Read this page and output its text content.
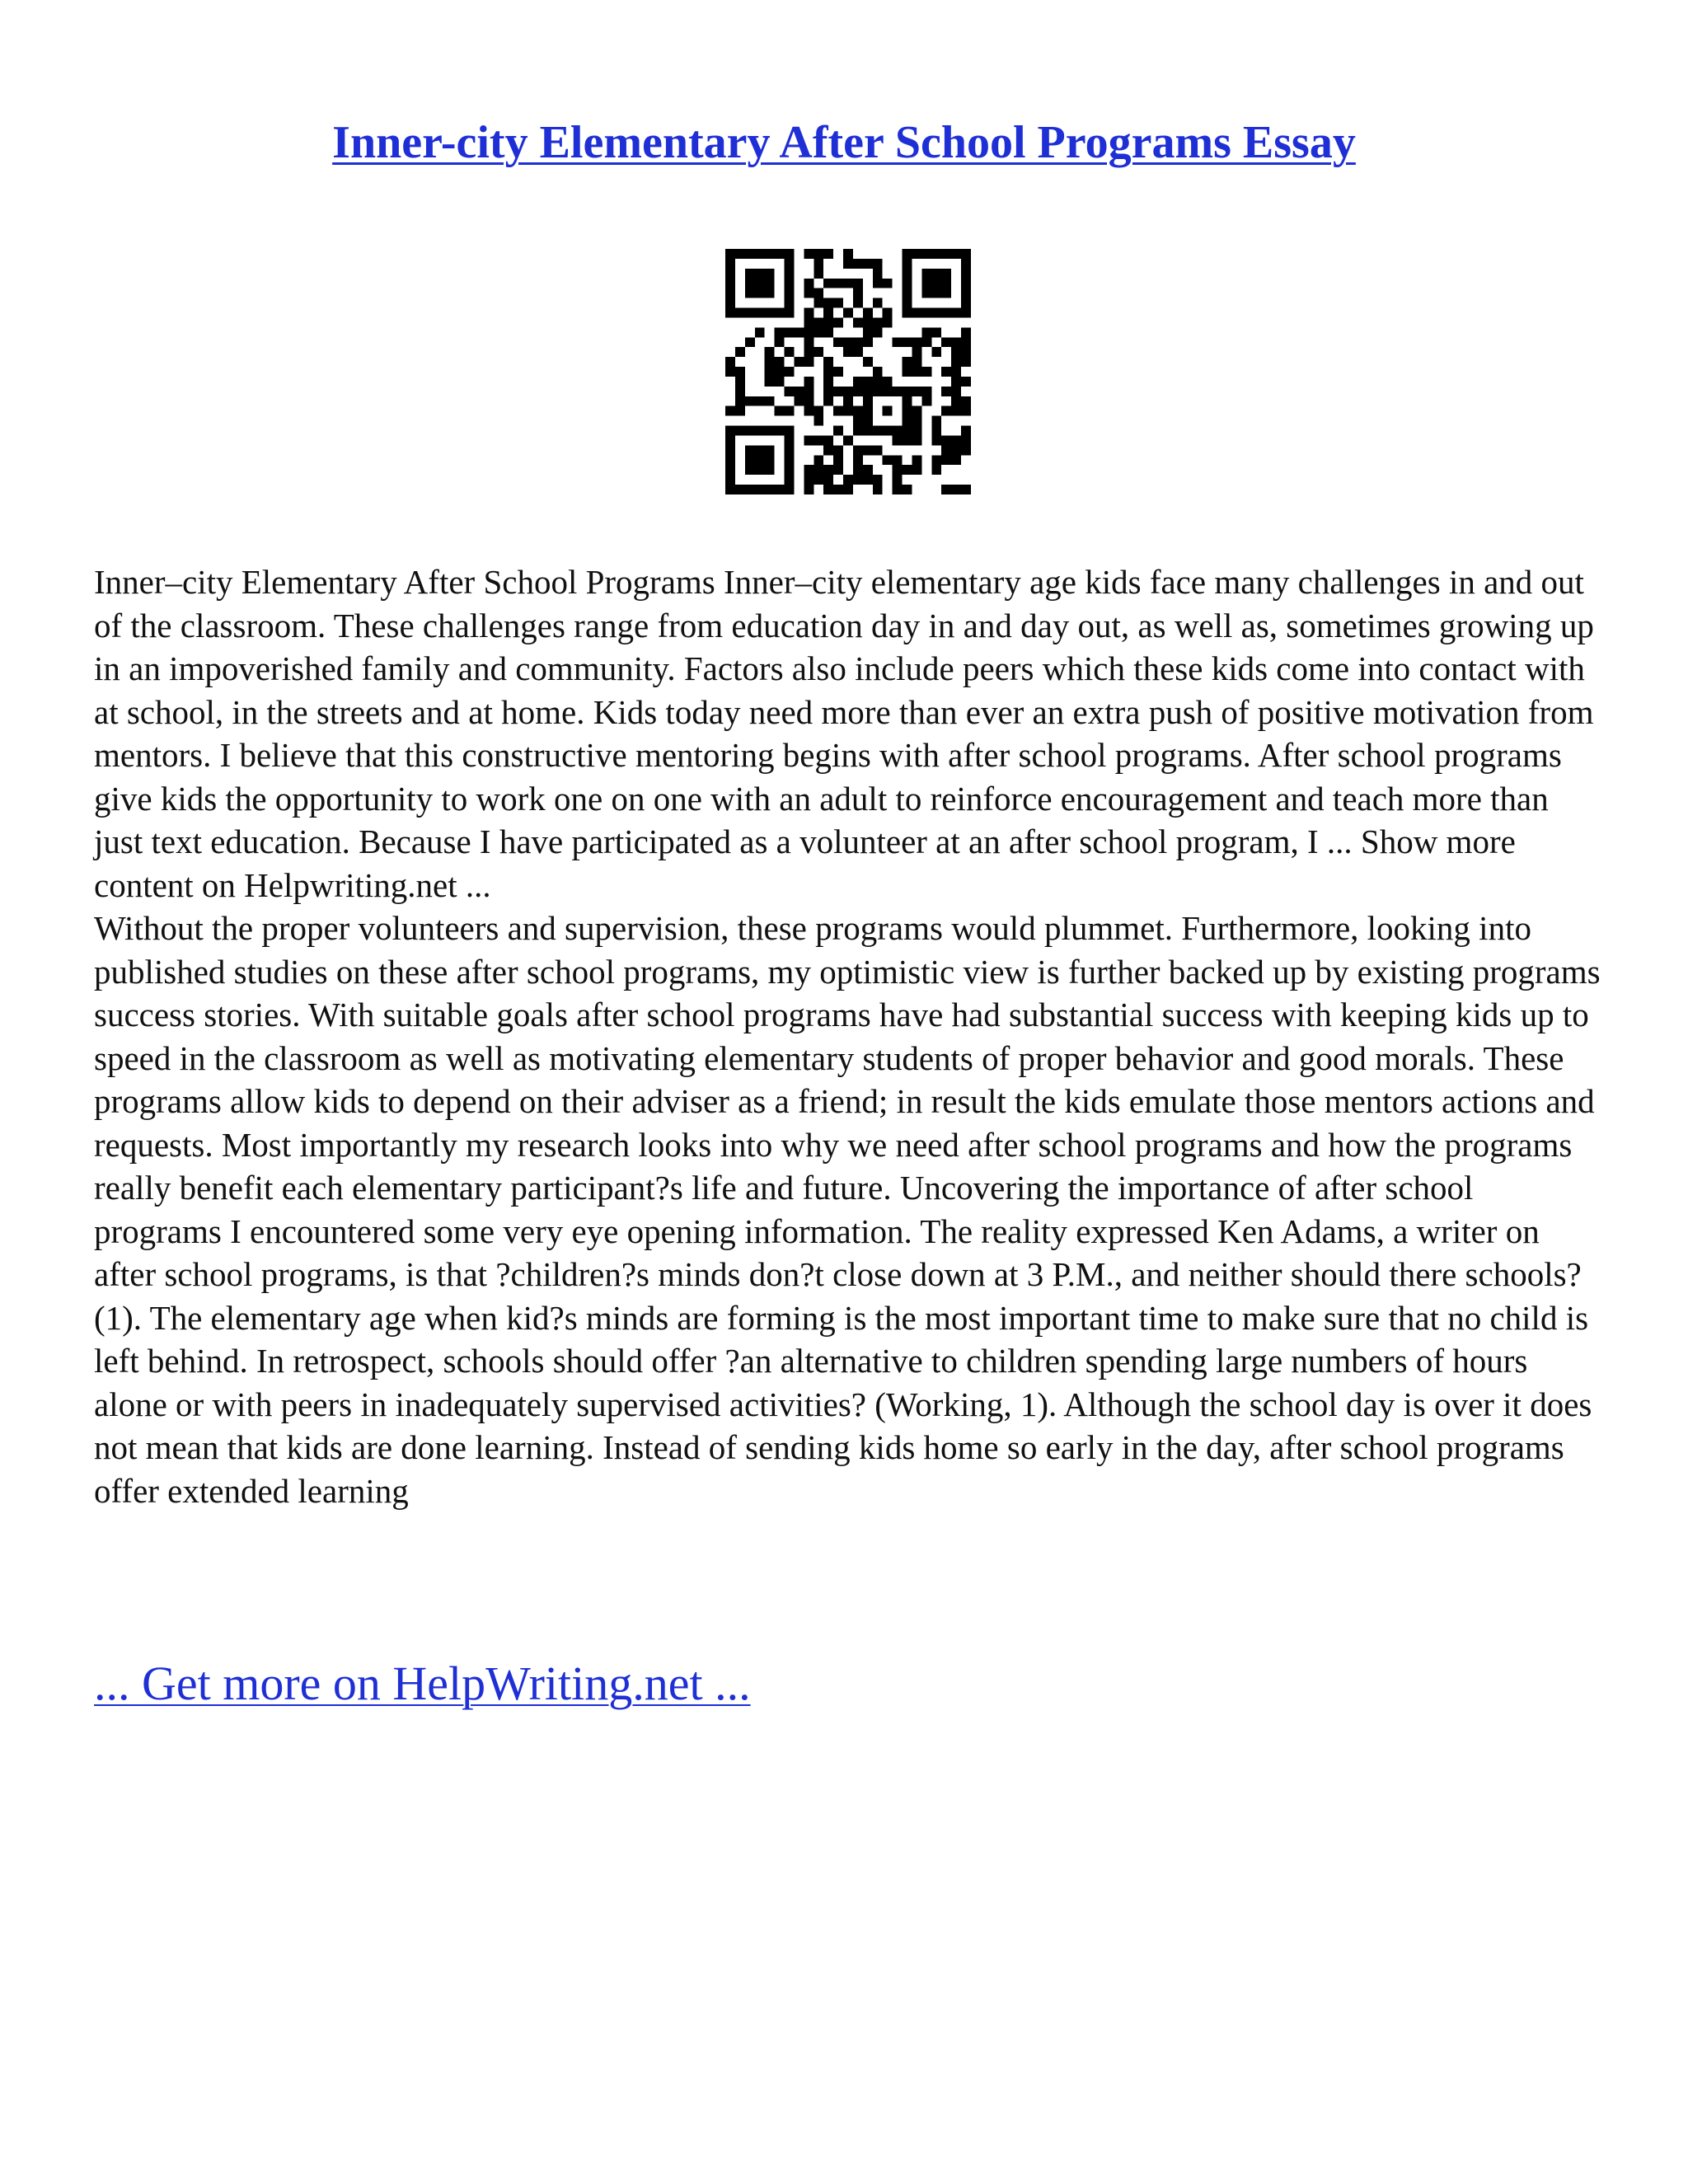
Inner-city Elementary After School Programs Essay

Inner–city Elementary After School Programs Inner–city elementary age kids face many challenges in and out of the classroom. These challenges range from education day in and day out, as well as, sometimes growing up in an impoverished family and community. Factors also include peers which these kids come into contact with at school, in the streets and at home. Kids today need more than ever an extra push of positive motivation from mentors. I believe that this constructive mentoring begins with after school programs. After school programs give kids the opportunity to work one on one with an adult to reinforce encouragement and teach more than just text education. Because I have participated as a volunteer at an after school program, I ... Show more content on Helpwriting.net ...

Without the proper volunteers and supervision, these programs would plummet. Furthermore, looking into published studies on these after school programs, my optimistic view is further backed up by existing programs success stories. With suitable goals after school programs have had substantial success with keeping kids up to speed in the classroom as well as motivating elementary students of proper behavior and good morals. These programs allow kids to depend on their adviser as a friend; in result the kids emulate those mentors actions and requests. Most importantly my research looks into why we need after school programs and how the programs really benefit each elementary participant?s life and future. Uncovering the importance of after school programs I encountered some very eye opening information. The reality expressed Ken Adams, a writer on after school programs, is that ?children?s minds don?t close down at 3 P.M., and neither should there schools? (1). The elementary age when kid?s minds are forming is the most important time to make sure that no child is left behind. In retrospect, schools should offer ?an alternative to children spending large numbers of hours alone or with peers in inadequately supervised activities? (Working, 1). Although the school day is over it does not mean that kids are done learning. Instead of sending kids home so early in the day, after school programs offer extended learning

... Get more on HelpWriting.net ...
